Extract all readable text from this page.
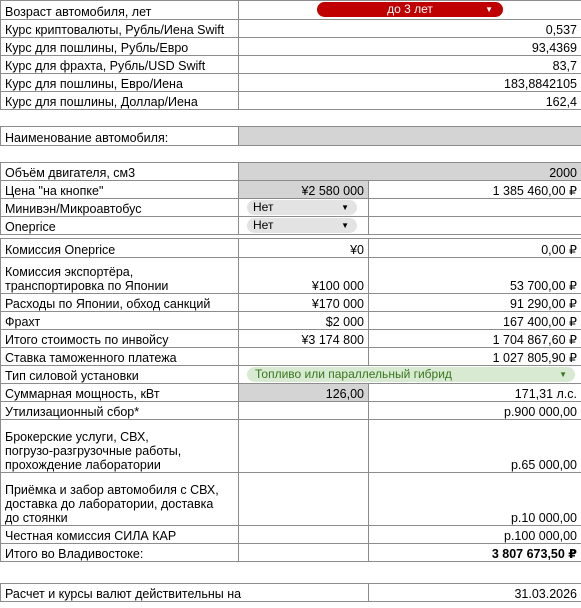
Возраст автомобиля, лет	до 3 лет ▼	

Курс криптовалюты, Рубль/Иена Swift	0,537	
Курс для пошлины, Рубль/Евро	93,4369	
Курс для фрахта, Рубль/USD Swift	83,7	
Курс для пошлины, Евро/Иена	183,8842105	
Курс для пошлины, Доллар/Иена	162,4	

Наименование автомобиля:		

Объём двигателя, см3	2000	
Цена "на кнопке"	¥2 580 000	1 385 460,00 ₽
Минивэн/Микроавтобус	Нет ▼	

Oneprice	Нет ▼	

Комиссия Oneprice	¥0	0,00 ₽

Комиссия экспортёра,
транспортировка по Японии	¥100 000	53 700,00 ₽
Расходы по Японии, обход санкций	¥170 000	91 290,00 ₽
Фрахт	$2 000	167 400,00 ₽
Итого стоимость по инвойсу	¥3 174 800	1 704 867,60 ₽
Ставка таможенного платежа		1 027 805,90 ₽
Тип силовой установки	Топливо или параллельный гибрид ▼	

Суммарная мощность, кВт	126,00	171,31 л.с.
Утилизационный сбор*		р.900 000,00

Брокерские услуги, СВХ,
погрузо-разгрузочные работы,
прохождение лаборатории		р.65 000,00

Приёмка и забор автомобиля с СВХ,
доставка до лаборатории, доставка
до стоянки		р.10 000,00
Честная комиссия СИЛА КАР		р.100 000,00
Итого во Владивостоке:		3 807 673,50 ₽

Расчет и курсы валют действительны на		31.03.2026
